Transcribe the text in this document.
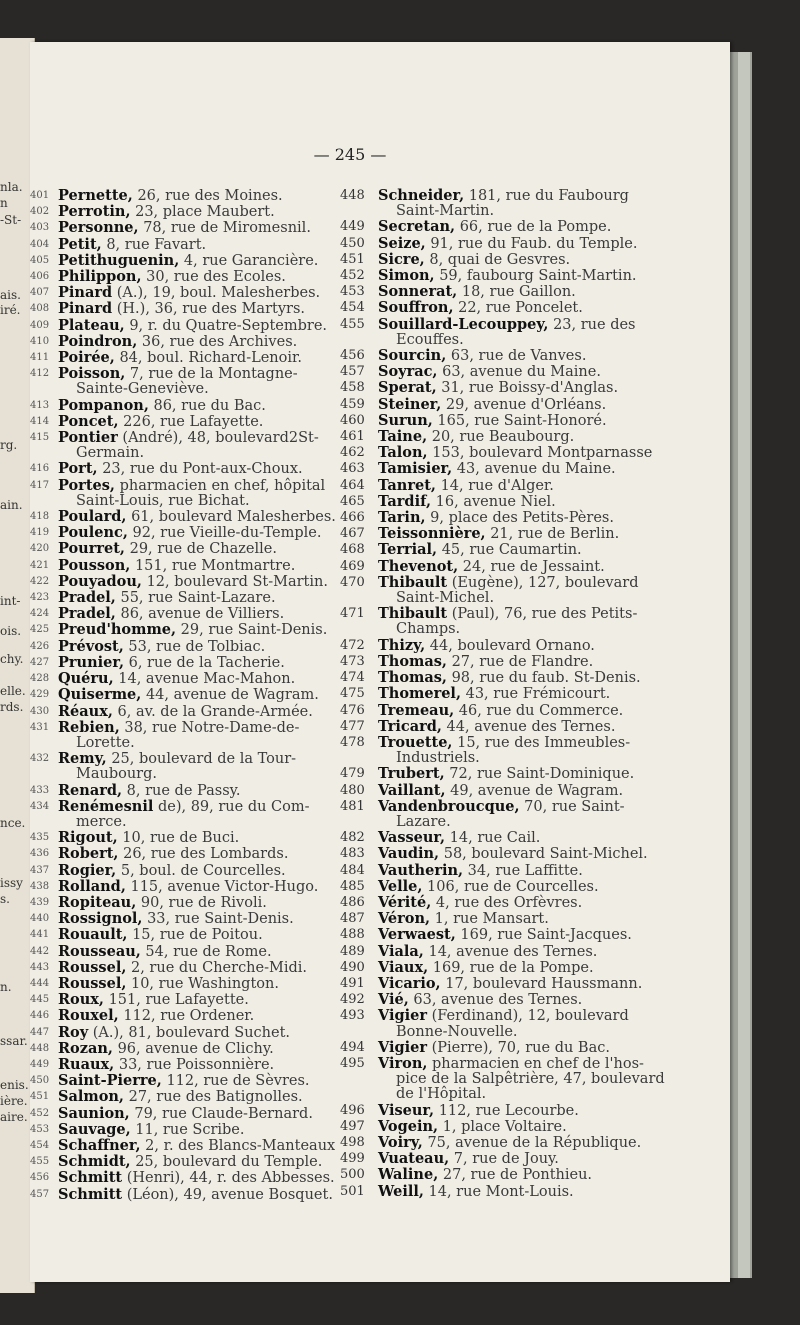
nla.
n
-St-
ais.
iré.
rg.
ain.
int-
ois.
chy.
elle.
rds.
nce.
issy
s.
n.
ssar.
enis.
ière.
aire.
— 245 —
401 Pernette, 26, rue des Moines.
402 Perrotin, 23, place Maubert.
403 Personne, 78, rue de Miromesnil.
404 Petit, 8, rue Favart.
405 Petithuguenin, 4, rue Garancière.
406 Philippon, 30, rue des Ecoles.
407 Pinard (A.), 19, boul. Malesherbes.
408 Pinard (H.), 36, rue des Martyrs.
409 Plateau, 9, r. du Quatre-Septembre.
410 Poindron, 36, rue des Archives.
411 Poirée, 84, boul. Richard-Lenoir.
412 Poisson, 7, rue de la Montagne-
Sainte-Geneviève.
413 Pompanon, 86, rue du Bac.
414 Poncet, 226, rue Lafayette.
415 Pontier (André), 48, boulevard2St-
Germain.
416 Port, 23, rue du Pont-aux-Choux.
417 Portes, pharmacien en chef, hôpital
Saint-Louis, rue Bichat.
418 Poulard, 61, boulevard Malesherbes.
419 Poulenc, 92, rue Vieille-du-Temple.
420 Pourret, 29, rue de Chazelle.
421 Pousson, 151, rue Montmartre.
422 Pouyadou, 12, boulevard St-Martin.
423 Pradel, 55, rue Saint-Lazare.
424 Pradel, 86, avenue de Villiers.
425 Preud'homme, 29, rue Saint-Denis.
426 Prévost, 53, rue de Tolbiac.
427 Prunier, 6, rue de la Tacherie.
428 Quéru, 14, avenue Mac-Mahon.
429 Quiserme, 44, avenue de Wagram.
430 Réaux, 6, av. de la Grande-Armée.
431 Rebien, 38, rue Notre-Dame-de-
Lorette.
432 Remy, 25, boulevard de la Tour-
Maubourg.
433 Renard, 8, rue de Passy.
434 Renémesnil de), 89, rue du Com-
merce.
435 Rigout, 10, rue de Buci.
436 Robert, 26, rue des Lombards.
437 Rogier, 5, boul. de Courcelles.
438 Rolland, 115, avenue Victor-Hugo.
439 Ropiteau, 90, rue de Rivoli.
440 Rossignol, 33, rue Saint-Denis.
441 Rouault, 15, rue de Poitou.
442 Rousseau, 54, rue de Rome.
443 Roussel, 2, rue du Cherche-Midi.
444 Roussel, 10, rue Washington.
445 Roux, 151, rue Lafayette.
446 Rouxel, 112, rue Ordener.
447 Roy (A.), 81, boulevard Suchet.
448 Rozan, 96, avenue de Clichy.
449 Ruaux, 33, rue Poissonnière.
450 Saint-Pierre, 112, rue de Sèvres.
451 Salmon, 27, rue des Batignolles.
452 Saunion, 79, rue Claude-Bernard.
453 Sauvage, 11, rue Scribe.
454 Schaffner, 2, r. des Blancs-Manteaux
455 Schmidt, 25, boulevard du Temple.
456 Schmitt (Henri), 44, r. des Abbesses.
457 Schmitt (Léon), 49, avenue Bosquet.
448 Schneider, 181, rue du Faubourg
Saint-Martin.
449 Secretan, 66, rue de la Pompe.
450 Seize, 91, rue du Faub. du Temple.
451 Sicre, 8, quai de Gesvres.
452 Simon, 59, faubourg Saint-Martin.
453 Sonnerat, 18, rue Gaillon.
454 Souffron, 22, rue Poncelet.
455 Souillard-Lecouppey, 23, rue des
Ecouffes.
456 Sourcin, 63, rue de Vanves.
457 Soyrac, 63, avenue du Maine.
458 Sperat, 31, rue Boissy-d'Anglas.
459 Steiner, 29, avenue d'Orléans.
460 Surun, 165, rue Saint-Honoré.
461 Taine, 20, rue Beaubourg.
462 Talon, 153, boulevard Montparnasse
463 Tamisier, 43, avenue du Maine.
464 Tanret, 14, rue d'Alger.
465 Tardif, 16, avenue Niel.
466 Tarin, 9, place des Petits-Pères.
467 Teissonnière, 21, rue de Berlin.
468 Terrial, 45, rue Caumartin.
469 Thevenot, 24, rue de Jessaint.
470 Thibault (Eugène), 127, boulevard
Saint-Michel.
471 Thibault (Paul), 76, rue des Petits-
Champs.
472 Thizy, 44, boulevard Ornano.
473 Thomas, 27, rue de Flandre.
474 Thomas, 98, rue du faub. St-Denis.
475 Thomerel, 43, rue Frémicourt.
476 Tremeau, 46, rue du Commerce.
477 Tricard, 44, avenue des Ternes.
478 Trouette, 15, rue des Immeubles-
Industriels.
479 Trubert, 72, rue Saint-Dominique.
480 Vaillant, 49, avenue de Wagram.
481 Vandenbroucque, 70, rue Saint-
Lazare.
482 Vasseur, 14, rue Cail.
483 Vaudin, 58, boulevard Saint-Michel.
484 Vautherin, 34, rue Laffitte.
485 Velle, 106, rue de Courcelles.
486 Vérité, 4, rue des Orfèvres.
487 Véron, 1, rue Mansart.
488 Verwaest, 169, rue Saint-Jacques.
489 Viala, 14, avenue des Ternes.
490 Viaux, 169, rue de la Pompe.
491 Vicario, 17, boulevard Haussmann.
492 Vié, 63, avenue des Ternes.
493 Vigier (Ferdinand), 12, boulevard
Bonne-Nouvelle.
494 Vigier (Pierre), 70, rue du Bac.
495 Viron, pharmacien en chef de l'hos-
pice de la Salpêtrière, 47, boulevard
de l'Hôpital.
496 Viseur, 112, rue Lecourbe.
497 Vogein, 1, place Voltaire.
498 Voiry, 75, avenue de la République.
499 Vuateau, 7, rue de Jouy.
500 Waline, 27, rue de Ponthieu.
501 Weill, 14, rue Mont-Louis.
